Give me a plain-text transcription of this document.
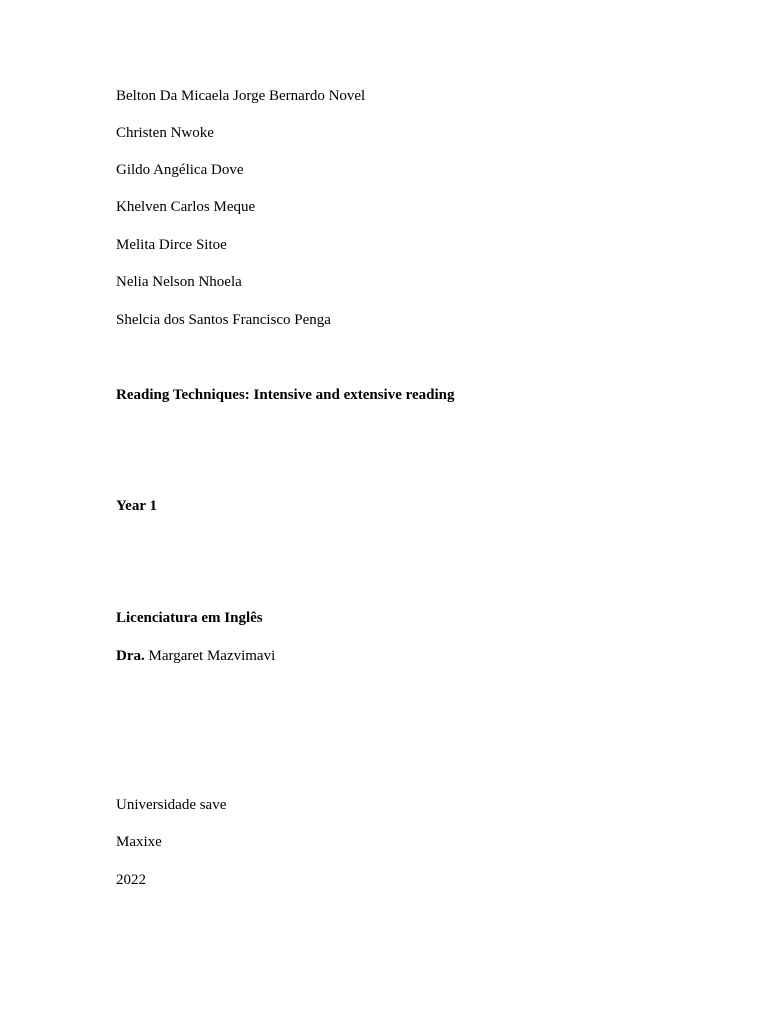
Belton Da Micaela Jorge Bernardo Novel
Christen Nwoke
Gildo Angélica Dove
Khelven Carlos Meque
Melita Dirce Sitoe
Nelia Nelson Nhoela
Shelcia dos Santos Francisco Penga
Reading Techniques: Intensive and extensive reading
Year 1
Licenciatura em Inglês
Dra. Margaret Mazvimavi
Universidade save
Maxixe
2022
